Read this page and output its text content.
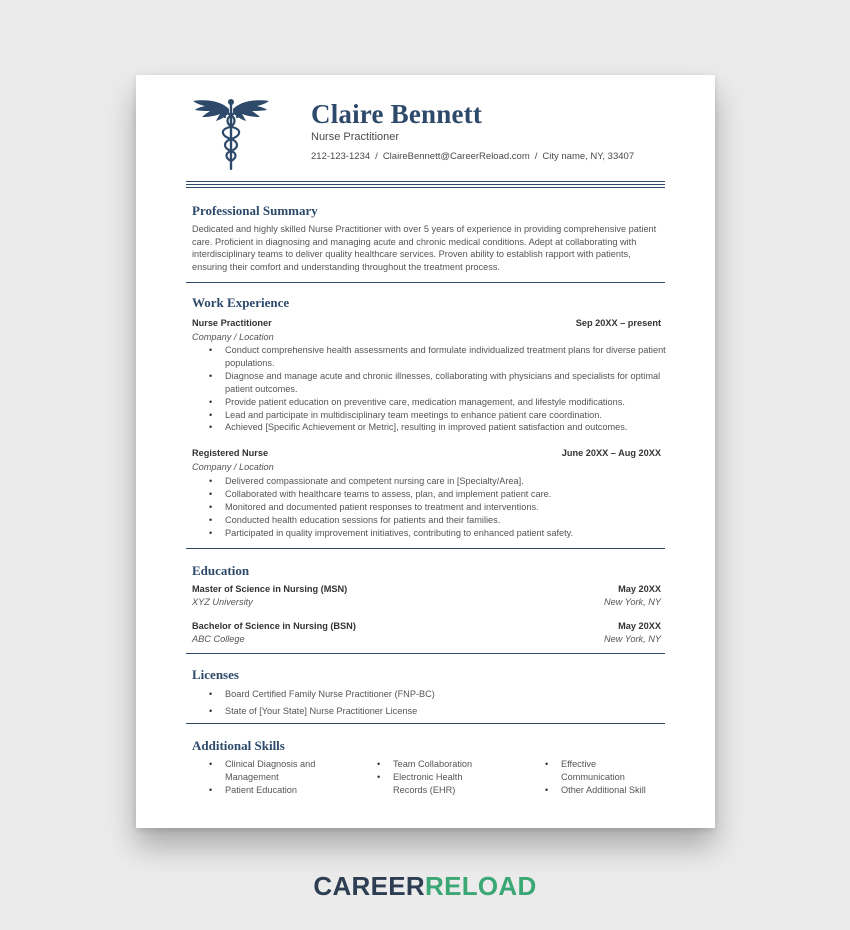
Claire Bennett
Nurse Practitioner
212-123-1234 / ClaireBennett@CareerReload.com / City name, NY, 33407
Professional Summary

Dedicated and highly skilled Nurse Practitioner with over 5 years of experience in providing comprehensive patient care. Proficient in diagnosing and managing acute and chronic medical conditions. Adept at collaborating with interdisciplinary teams to deliver quality healthcare services. Proven ability to establish rapport with patients, ensuring their comfort and understanding throughout the treatment process.

Work Experience
Nurse Practitioner	Sep 20XX – present
Company / Location
• Conduct comprehensive health assessments and formulate individualized treatment plans for diverse patient populations.
• Diagnose and manage acute and chronic illnesses, collaborating with physicians and specialists for optimal patient outcomes.
• Provide patient education on preventive care, medication management, and lifestyle modifications.
• Lead and participate in multidisciplinary team meetings to enhance patient care coordination.
• Achieved [Specific Achievement or Metric], resulting in improved patient satisfaction and outcomes.
Registered Nurse	June 20XX – Aug 20XX
Company / Location
• Delivered compassionate and competent nursing care in [Specialty/Area].
• Collaborated with healthcare teams to assess, plan, and implement patient care.
• Monitored and documented patient responses to treatment and interventions.
• Conducted health education sessions for patients and their families.
• Participated in quality improvement initiatives, contributing to enhanced patient safety.
Education
Master of Science in Nursing (MSN)	May 20XX
XYZ University	New York, NY
Bachelor of Science in Nursing (BSN)	May 20XX
ABC College	New York, NY
Licenses
• Board Certified Family Nurse Practitioner (FNP-BC)
• State of [Your State] Nurse Practitioner License
Additional Skills
• Clinical Diagnosis and Management
• Patient Education
• Team Collaboration
• Electronic Health Records (EHR)
• Effective Communication
• Other Additional Skill
CAREERRELOAD
